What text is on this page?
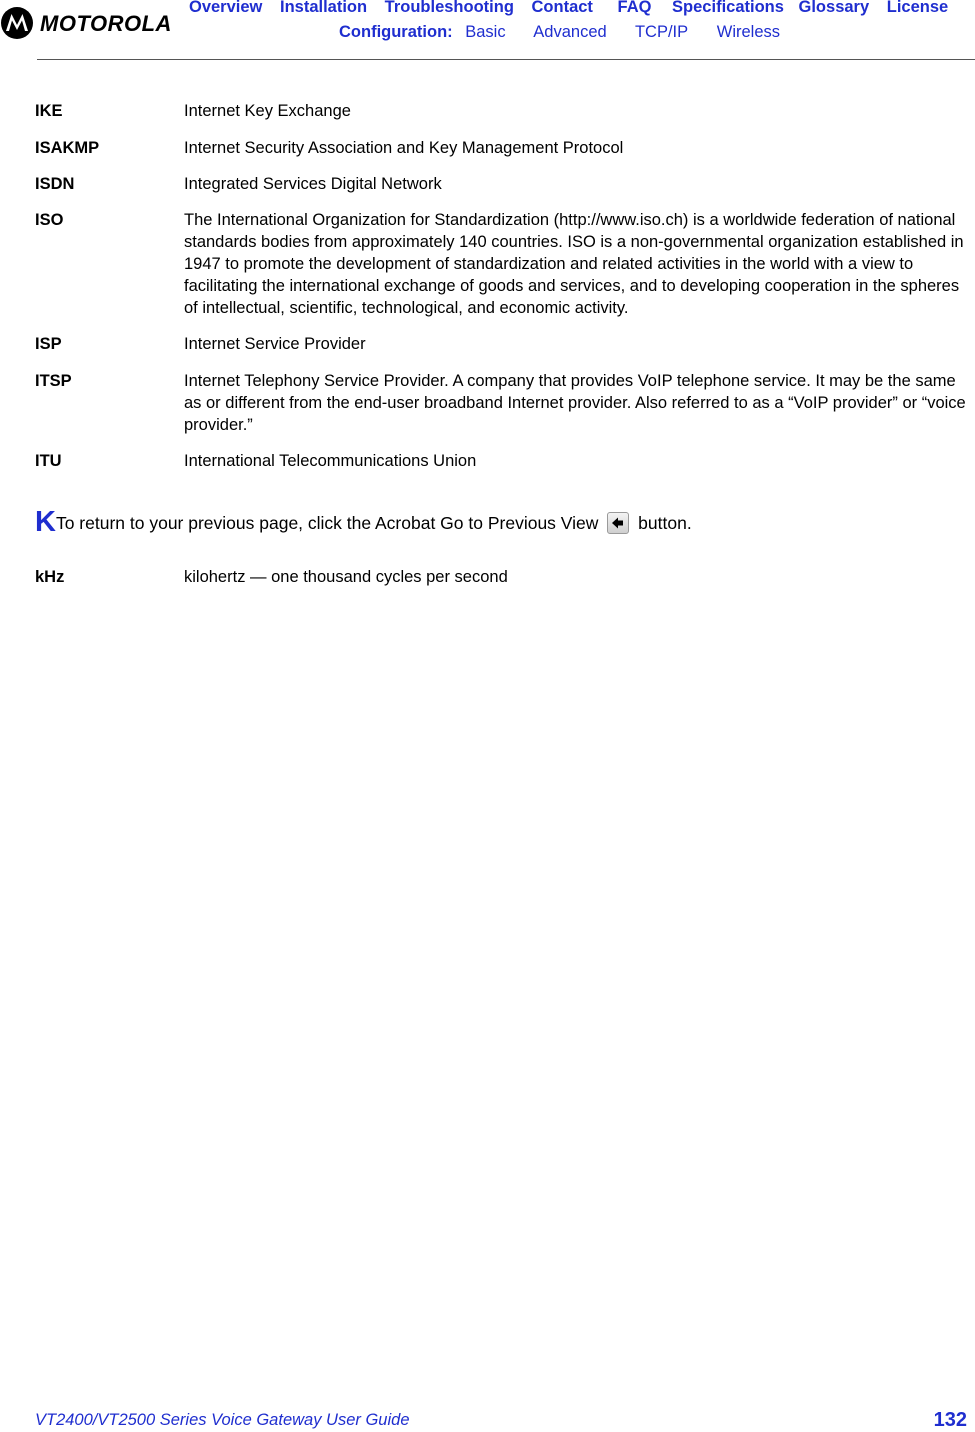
MOTOROLA
Overview Installation Troubleshooting Contact FAQ Specifications Glossary License
Configuration: Basic Advanced TCP/IP Wireless
IKE	Internet Key Exchange
ISAKMP	Internet Security Association and Key Management Protocol
ISDN	Integrated Services Digital Network
ISO	The International Organization for Standardization (http://www.iso.ch) is a worldwide federation of national standards bodies from approximately 140 countries. ISO is a non-governmental organization established in 1947 to promote the development of standardization and related activities in the world with a view to facilitating the international exchange of goods and services, and to developing cooperation in the spheres of intellectual, scientific, technological, and economic activity.
ISP	Internet Service Provider
ITSP	Internet Telephony Service Provider. A company that provides VoIP telephone service. It may be the same as or different from the end-user broadband Internet provider. Also referred to as a “VoIP provider” or “voice provider.”
ITU	International Telecommunications Union
KTo return to your previous page, click the Acrobat Go to Previous View button.
kHz	kilohertz — one thousand cycles per second
VT2400/VT2500 Series Voice Gateway User Guide	132
